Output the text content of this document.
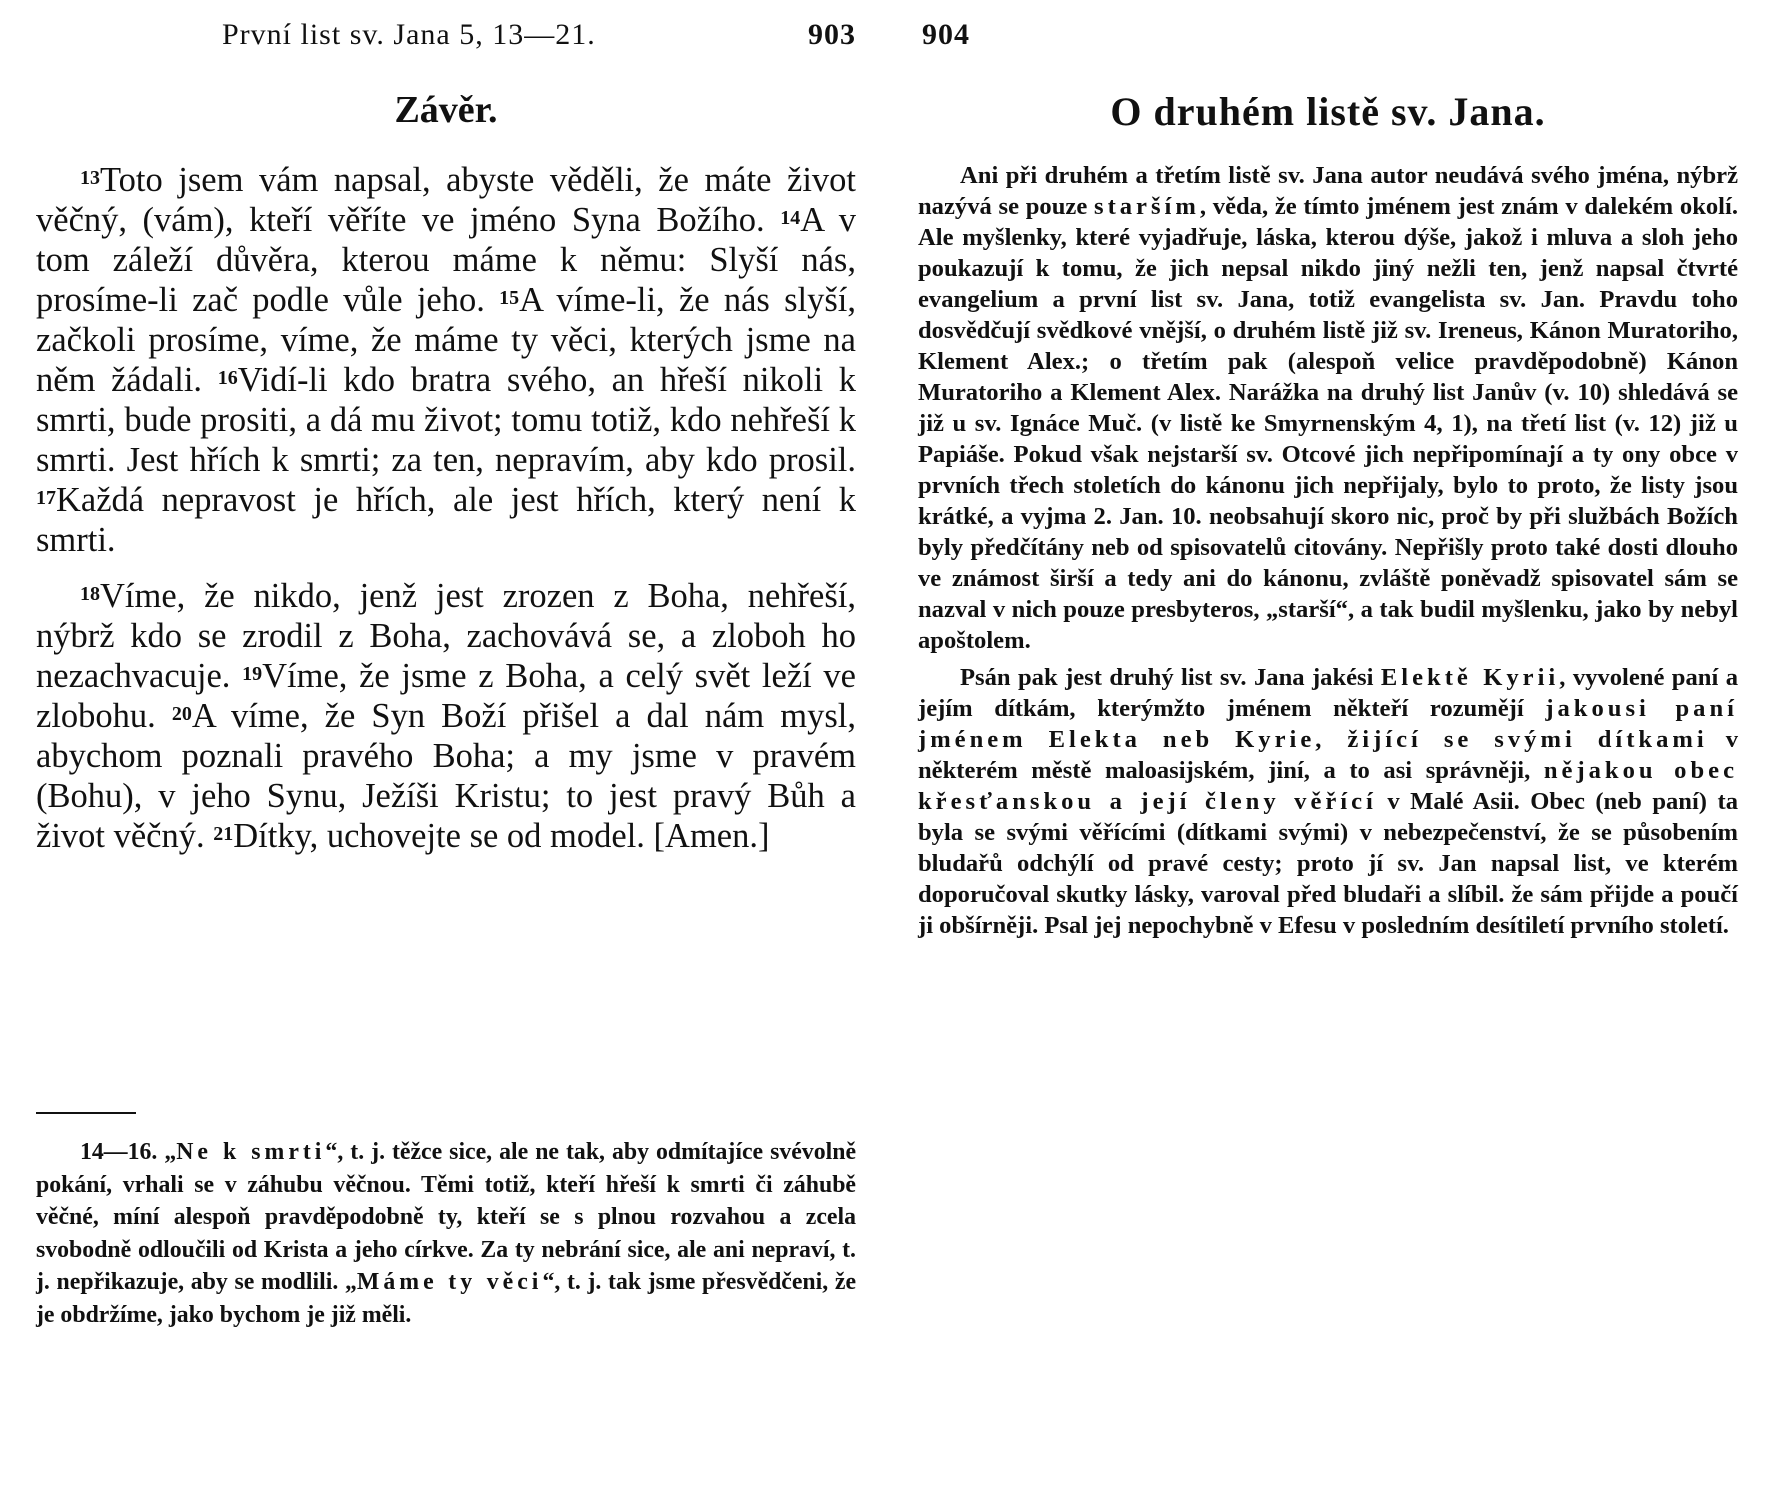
První list sv. Jana 5, 13—21.	903
Závěr.

$^{13}$Toto jsem vám napsal, abyste věděli, že máte život věčný, (vám), kteří věříte ve jméno Syna Božího. $^{14}$A v tom záleží důvěra, kterou máme k němu: Slyší nás, prosíme-li zač podle vůle jeho. $^{15}$A víme-li, že nás slyší, začkoli prosíme, víme, že máme ty věci, kterých jsme na něm žádali. $^{16}$Vidí-li kdo bratra svého, an hřeší nikoli k smrti, bude prositi, a dá mu život; tomu totiž, kdo nehřeší k smrti. Jest hřích k smrti; za ten, nepravím, aby kdo prosil. $^{17}$Každá nepravost je hřích, ale jest hřích, který není k smrti.

$^{18}$Víme, že nikdo, jenž jest zrozen z Boha, nehřeší, nýbrž kdo se zrodil z Boha, zachovává se, a zloboh ho nezachvacuje. $^{19}$Víme, že jsme z Boha, a celý svět leží ve zlobohu. $^{20}$A víme, že Syn Boží přišel a dal nám mysl, abychom poznali pravého Boha; a my jsme v pravém (Bohu), v jeho Synu, Ježíši Kristu; to jest pravý Bůh a život věčný. $^{21}$Dítky, uchovejte se od model. [Amen.]

14—16. „Ne k smrti“, t. j. těžce sice, ale ne tak, aby odmítajíce svévolně pokání, vrhali se v záhubu věčnou. Těmi totiž, kteří hřeší k smrti či záhubě věčné, míní alespoň pravděpodobně ty, kteří se s plnou rozvahou a zcela svobodně odloučili od Krista a jeho církve. Za ty nebrání sice, ale ani nepraví, t. j. nepřikazuje, aby se modlili. „Máme ty věci“, t. j. tak jsme přesvědčeni, že je obdržíme, jako bychom je již měli.

904
O druhém listě sv. Jana.

Ani při druhém a třetím listě sv. Jana autor neudává svého jména, nýbrž nazývá se pouze starším, věda, že tímto jménem jest znám v dalekém okolí. Ale myšlenky, které vyjadřuje, láska, kterou dýše, jakož i mluva a sloh jeho poukazují k tomu, že jich nepsal nikdo jiný nežli ten, jenž napsal čtvrté evangelium a první list sv. Jana, totiž evangelista sv. Jan. Pravdu toho dosvědčují svědkové vnější, o druhém listě již sv. Ireneus, Kánon Muratoriho, Klement Alex.; o třetím pak (alespoň velice pravděpodobně) Kánon Muratoriho a Klement Alex. Narážka na druhý list Janův (v. 10) shledává se již u sv. Ignáce Muč. (v listě ke Smyrnenským 4, 1), na třetí list (v. 12) již u Papiáše. Pokud však nejstarší sv. Otcové jich nepřipomínají a ty ony obce v prvních třech stoletích do kánonu jich nepřijaly, bylo to proto, že listy jsou krátké, a vyjma 2. Jan. 10. neobsahují skoro nic, proč by při službách Božích byly předčítány neb od spisovatelů citovány. Nepřišly proto také dosti dlouho ve známost širší a tedy ani do kánonu, zvláště poněvadž spisovatel sám se nazval v nich pouze presbyteros, „starší“, a tak budil myšlenku, jako by nebyl apoštolem.

Psán pak jest druhý list sv. Jana jakési Elektě Kyrii, vyvolené paní a jejím dítkám, kterýmžto jménem někteří rozumějí jakousi paní jménem Elekta neb Kyrie, žijící se svými dítkami v některém městě maloasijském, jiní, a to asi správněji, nějakou obec křesťanskou a její členy věřící v Malé Asii. Obec (neb paní) ta byla se svými věřícími (dítkami svými) v nebezpečenství, že se působením bludařů odchýlí od pravé cesty; proto jí sv. Jan napsal list, ve kterém doporučoval skutky lásky, varoval před bludaři a slíbil. že sám přijde a poučí ji obšírněji. Psal jej nepochybně v Efesu v posledním desítiletí prvního století.
